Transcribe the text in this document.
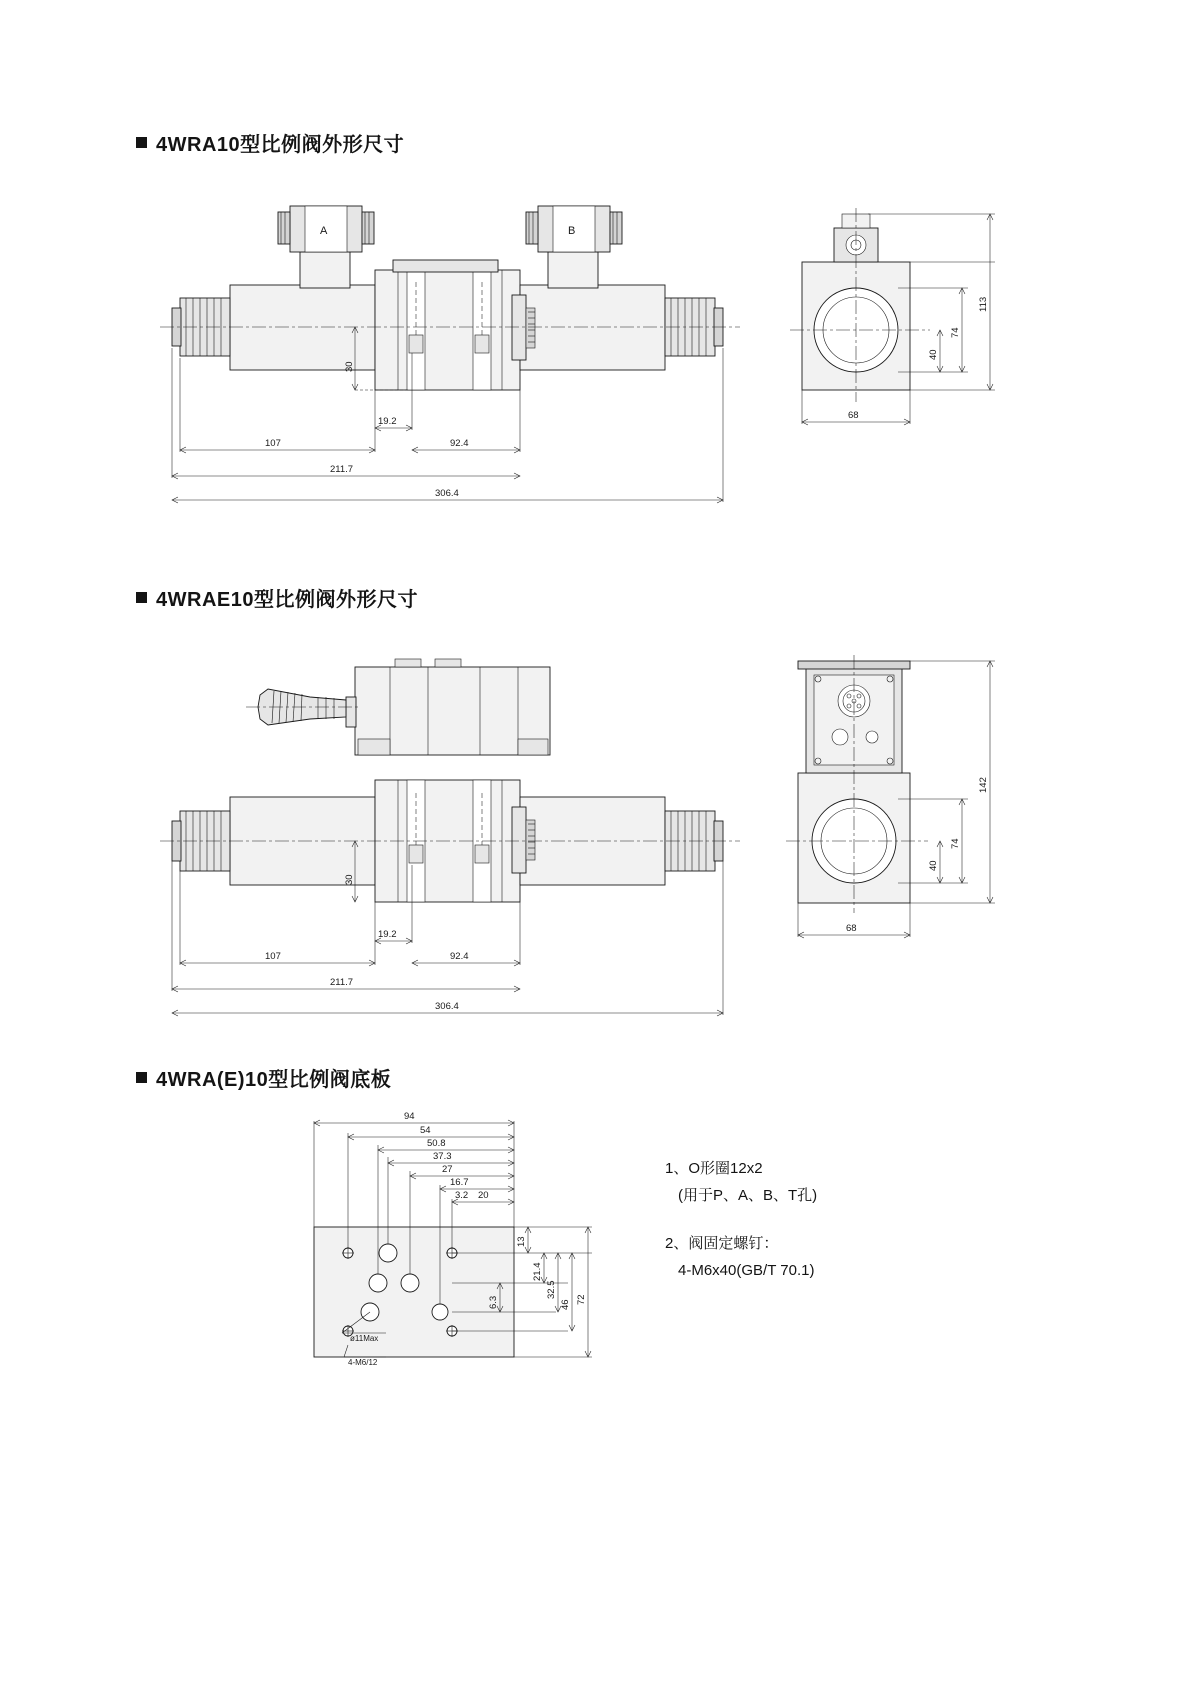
4WRA10型比例阀外形尺寸
A	B
30
19.2
107	92.4
211.7
306.4
113
74
40
68
4WRAE10型比例阀外形尺寸
30
19.2
107	92.4
211.7
306.4
142
74
40
68
4WRA(E)10型比例阀底板
ø11Max
4-M6/12
94
54
50.8
37.3
27
16.7
3.2 20
13
21.4
6.3
32.5
46 72
1、O形圈12x2
(用于P、A、B、T孔)
2、阀固定螺钉：
4-M6x40(GB/T 70.1)
